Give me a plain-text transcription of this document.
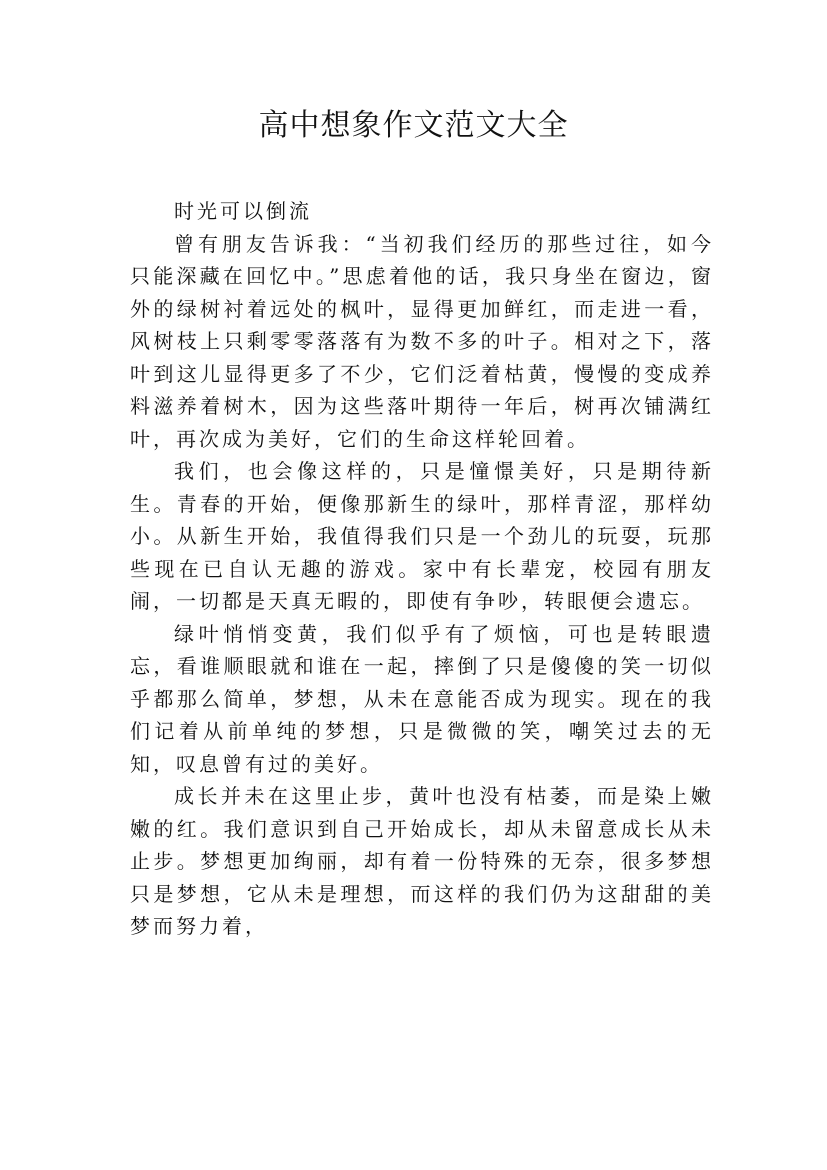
高中想象作文范文大全

时光可以倒流

曾有朋友告诉我：“当初我们经历的那些过往，如今只能深藏在回忆中。”思虑着他的话，我只身坐在窗边，窗外的绿树衬着远处的枫叶，显得更加鲜红，而走进一看，风树枝上只剩零零落落有为数不多的叶子。相对之下，落叶到这儿显得更多了不少，它们泛着枯黄，慢慢的变成养料滋养着树木，因为这些落叶期待一年后，树再次铺满红叶，再次成为美好，它们的生命这样轮回着。

我们，也会像这样的，只是憧憬美好，只是期待新生。青春的开始，便像那新生的绿叶，那样青涩，那样幼小。从新生开始，我值得我们只是一个劲儿的玩耍，玩那些现在已自认无趣的游戏。家中有长辈宠，校园有朋友闹，一切都是天真无暇的，即使有争吵，转眼便会遗忘。

绿叶悄悄变黄，我们似乎有了烦恼，可也是转眼遗忘，看谁顺眼就和谁在一起，摔倒了只是傻傻的笑一切似乎都那么简单，梦想，从未在意能否成为现实。现在的我们记着从前单纯的梦想，只是微微的笑，嘲笑过去的无知，叹息曾有过的美好。

成长并未在这里止步，黄叶也没有枯萎，而是染上嫩嫩的红。我们意识到自己开始成长，却从未留意成长从未止步。梦想更加绚丽，却有着一份特殊的无奈，很多梦想只是梦想，它从未是理想，而这样的我们仍为这甜甜的美梦而努力着，
